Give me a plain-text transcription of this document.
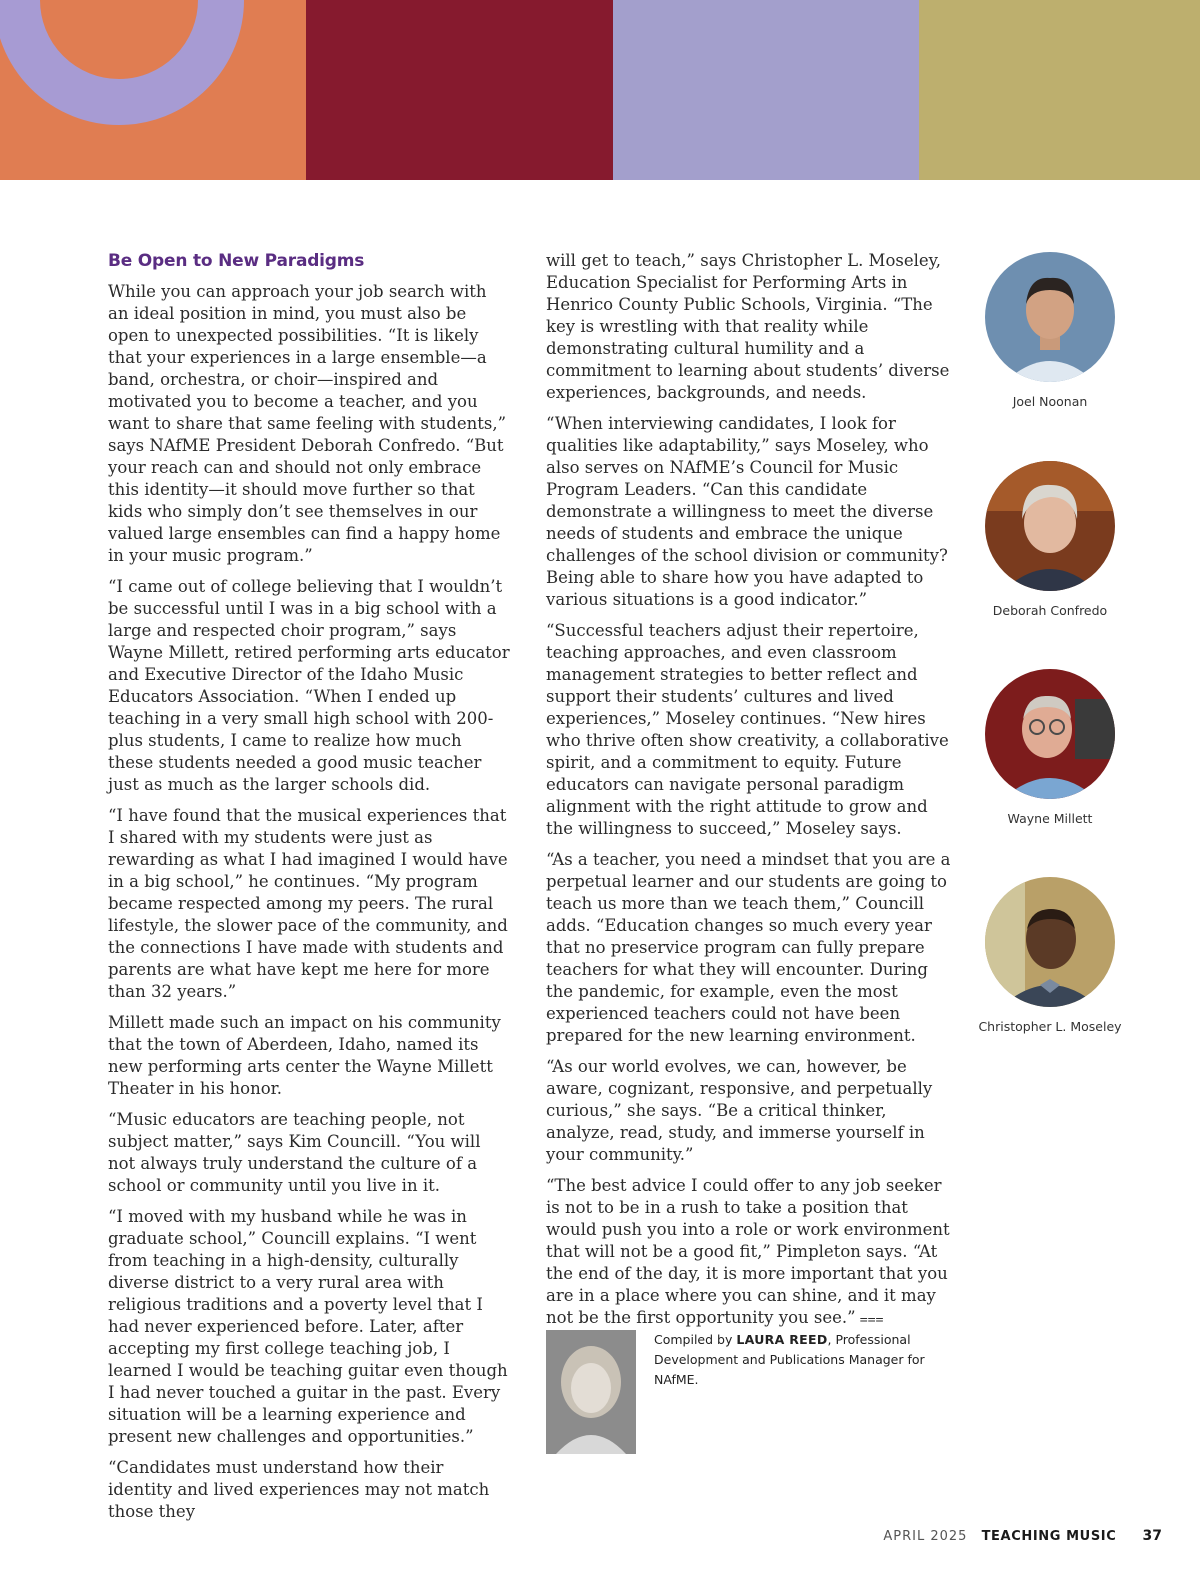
Be Open to New Paradigms

While you can approach your job search with an ideal position in mind, you must also be open to unexpected possibilities. “It is likely that your experiences in a large ensemble—a band, orchestra, or choir—inspired and motivated you to become a teacher, and you want to share that same feeling with students,” says NAfME President Deborah Confredo. “But your reach can and should not only embrace this identity—it should move further so that kids who simply don’t see themselves in our valued large ensembles can find a happy home in your music program.”

“I came out of college believing that I wouldn’t be successful until I was in a big school with a large and respected choir program,” says Wayne Millett, retired performing arts educator and Executive Director of the Idaho Music Educators Association. “When I ended up teaching in a very small high school with 200-plus students, I came to realize how much these students needed a good music teacher just as much as the larger schools did.

“I have found that the musical experiences that I shared with my students were just as rewarding as what I had imagined I would have in a big school,” he continues. “My program became respected among my peers. The rural lifestyle, the slower pace of the community, and the connections I have made with students and parents are what have kept me here for more than 32 years.”

Millett made such an impact on his community that the town of Aberdeen, Idaho, named its new performing arts center the Wayne Millett Theater in his honor.

“Music educators are teaching people, not subject matter,” says Kim Councill. “You will not always truly understand the culture of a school or community until you live in it.

“I moved with my husband while he was in graduate school,” Councill explains. “I went from teaching in a high-density, culturally diverse district to a very rural area with religious traditions and a poverty level that I had never experienced before. Later, after accepting my first college teaching job, I learned I would be teaching guitar even though I had never touched a guitar in the past. Every situation will be a learning experience and present new challenges and opportunities.”

“Candidates must understand how their identity and lived experiences may not match those they

will get to teach,” says Christopher L. Moseley, Education Specialist for Performing Arts in Henrico County Public Schools, Virginia. “The key is wrestling with that reality while demonstrating cultural humility and a commitment to learning about students’ diverse experiences, backgrounds, and needs.

“When interviewing candidates, I look for qualities like adaptability,” says Moseley, who also serves on NAfME’s Council for Music Program Leaders. “Can this candidate demonstrate a willingness to meet the diverse needs of students and embrace the unique challenges of the school division or community? Being able to share how you have adapted to various situations is a good indicator.”

“Successful teachers adjust their repertoire, teaching approaches, and even classroom management strategies to better reflect and support their students’ cultures and lived experiences,” Moseley continues. “New hires who thrive often show creativity, a collaborative spirit, and a commitment to equity. Future educators can navigate personal paradigm alignment with the right attitude to grow and the willingness to succeed,” Moseley says.

“As a teacher, you need a mindset that you are a perpetual learner and our students are going to teach us more than we teach them,” Councill adds. “Education changes so much every year that no preservice program can fully prepare teachers for what they will encounter. During the pandemic, for example, even the most experienced teachers could not have been prepared for the new learning environment.

“As our world evolves, we can, however, be aware, cognizant, responsive, and perpetually curious,” she says. “Be a critical thinker, analyze, read, study, and immerse yourself in your community.”

“The best advice I could offer to any job seeker is not to be in a rush to take a position that would push you into a role or work environment that will not be a good fit,” Pimpleton says. “At the end of the day, it is more important that you are in a place where you can shine, and it may not be the first opportunity you see.” ⩶

Compiled by LAURA REED, Professional Development and Publications Manager for NAfME.
Joel Noonan
Deborah Confredo
Wayne Millett
Christopher L. Moseley
APRIL 2025 TEACHING MUSIC 37
